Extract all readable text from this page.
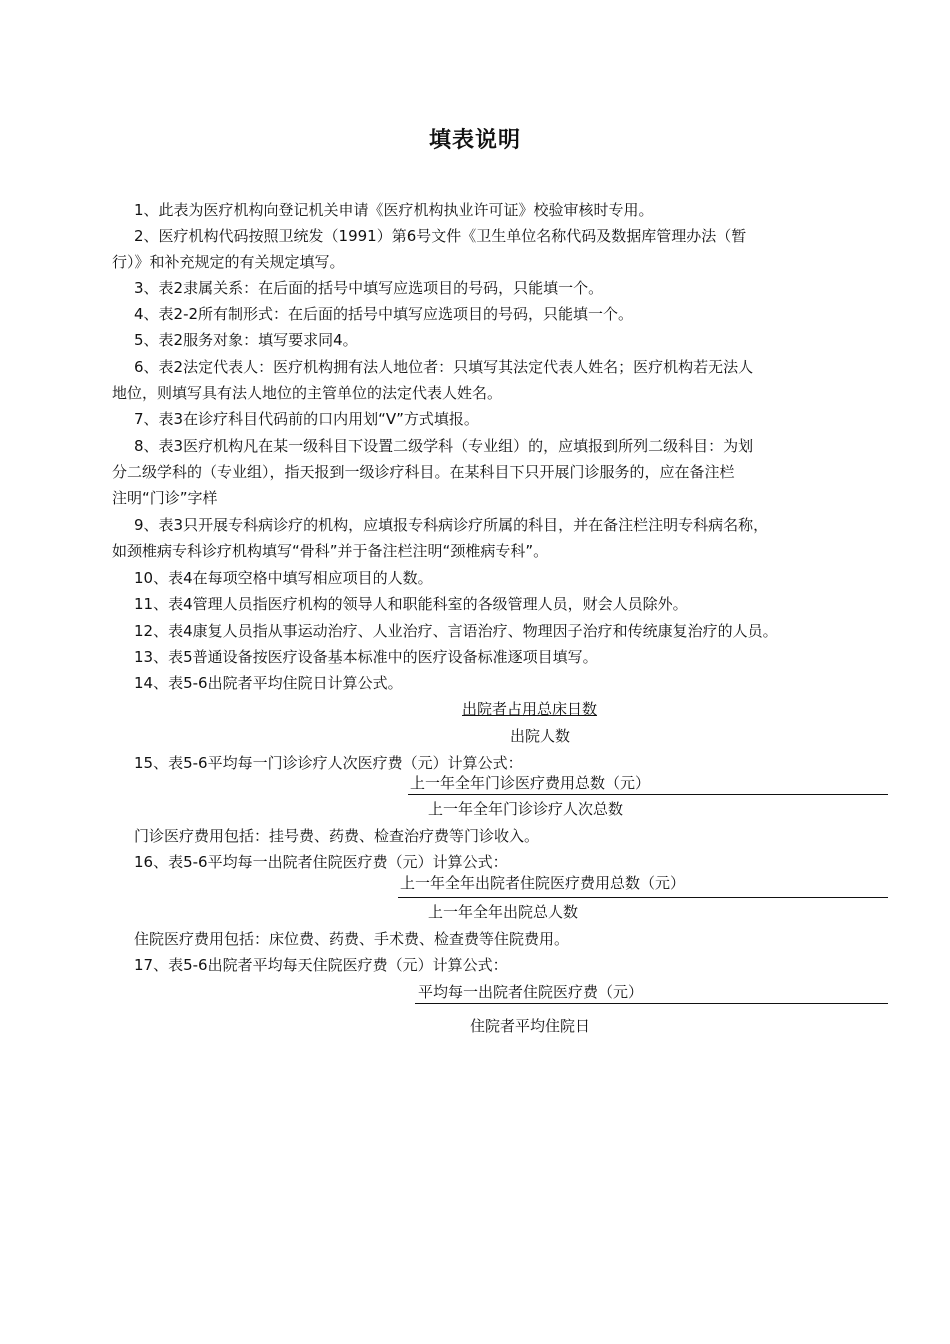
填表说明
1、此表为医疗机构向登记机关申请《医疗机构执业许可证》校验审核时专用。
2、医疗机构代码按照卫统发（1991）第6号文件《卫生单位名称代码及数据库管理办法（暂
行）》和补充规定的有关规定填写。
3、表2隶属关系：在后面的括号中填写应选项目的号码，只能填一个。
4、表2-2所有制形式：在后面的括号中填写应选项目的号码，只能填一个。
5、表2服务对象：填写要求同4。
6、表2法定代表人：医疗机构拥有法人地位者：只填写其法定代表人姓名；医疗机构若无法人
地位，则填写具有法人地位的主管单位的法定代表人姓名。
7、表3在诊疗科目代码前的口内用划“V”方式填报。
8、表3医疗机构凡在某一级科目下设置二级学科（专业组）的，应填报到所列二级科目：为划
分二级学科的（专业组），指天报到一级诊疗科目。在某科目下只开展门诊服务的，应在备注栏
注明“门诊”字样
9、表3只开展专科病诊疗的机构，应填报专科病诊疗所属的科目，并在备注栏注明专科病名称，
如颈椎病专科诊疗机构填写“骨科”并于备注栏注明“颈椎病专科”。
10、表4在每项空格中填写相应项目的人数。
11、表4管理人员指医疗机构的领导人和职能科室的各级管理人员，财会人员除外。
12、表4康复人员指从事运动治疗、人业治疗、言语治疗、物理因子治疗和传统康复治疗的人员。
13、表5普通设备按医疗设备基本标准中的医疗设备标准逐项目填写。
14、表5-6出院者平均住院日计算公式。
出院者占用总床日数
出院人数
15、表5-6平均每一门诊诊疗人次医疗费（元）计算公式：
上一年全年门诊医疗费用总数（元）
上一年全年门诊诊疗人次总数
门诊医疗费用包括：挂号费、药费、检查治疗费等门诊收入。
16、表5-6平均每一出院者住院医疗费（元）计算公式：
上一年全年出院者住院医疗费用总数（元）
上一年全年出院总人数
住院医疗费用包括：床位费、药费、手术费、检查费等住院费用。
17、表5-6出院者平均每天住院医疗费（元）计算公式：
平均每一出院者住院医疗费（元）
住院者平均住院日
